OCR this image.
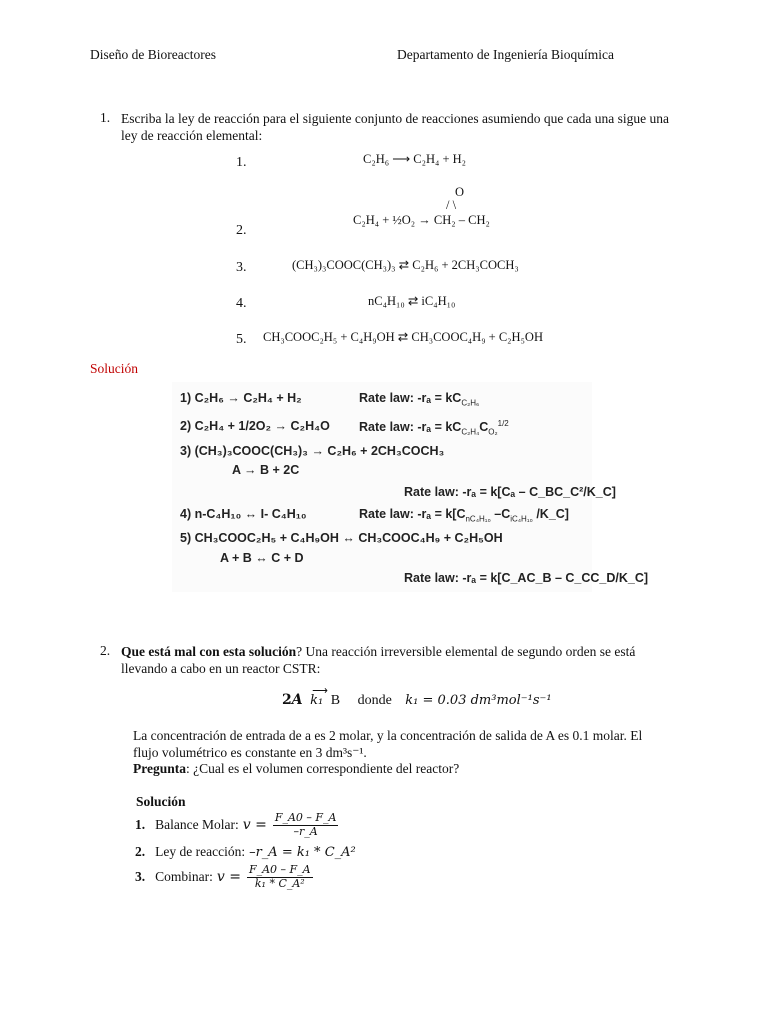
Diseño de Bioreactores	Departamento de Ingeniería Bioquímica
1. Escriba la ley de reacción para el siguiente conjunto de reacciones asumiendo que cada una sigue una ley de reacción elemental:
1.	C₂H₆ ⟶ C₂H₄ + H₂
O
/ \
2.
C₂H₄ + ½O₂ → CH₂ – CH₂
3.	(CH₃)₃COOC(CH₃)₃ ⇄ C₂H₆ + 2CH₃COCH₃
4.	nC₄H₁₀ ⇄ iC₄H₁₀
5. CH₃COOC₂H₅ + C₄H₉OH ⇄ CH₃COOC₄H₉ + C₂H₅OH
Solución
1) C₂H₆ → C₂H₄ + H₂	Rate law: $-r_a = kC_{C_2H_6}$
2) C₂H₄ + 1/2O₂ → C₂H₄O Rate law: $-r_a = kC_{C_2H_4}C_{O_2}^{1/2}$
3) (CH₃)₃COOC(CH₃)₃ → C₂H₆ + 2CH₃COCH₃
A → B + 2C
Rate law: -rₐ = k[Cₐ – C_BC_C²/K_C]
4) n-C₄H₁₀ ↔ I- C₄H₁₀	Rate law: $-r_a = k[C_{nC_4H_{10}}$ $-C_{iC_4H_{10}}$ /K_C]
5) CH₃COOC₂H₅ + C₄H₉OH ↔ CH₃COOC₄H₉ + C₂H₅OH
A + B ↔ C + D
Rate law: -rₐ = k[C_AC_B – C_CC_D/K_C]
2. Que está mal con esta solución? Una reacción irreversible elemental de segundo orden se está llevando a cabo en un reactor CSTR:
2A
⟶
k₁ B donde k₁ = 0.03 dm³mol⁻¹s⁻¹
La concentración de entrada de a es 2 molar, y la concentración de salida de A es 0.1 molar. El flujo volumétrico es constante en 3 dm³s⁻¹.
Pregunta: ¿Cual es el volumen correspondiente del reactor?
Solución
1. Balance Molar: $v = \frac{F\_A0 - F\_A}{-r\_A}$
2. Ley de reacción: –r_A = k₁ * C_A²
3. Combinar: $v = \frac{F\_A0 - F\_A}{\text{k₁ * C\_A²}}$
